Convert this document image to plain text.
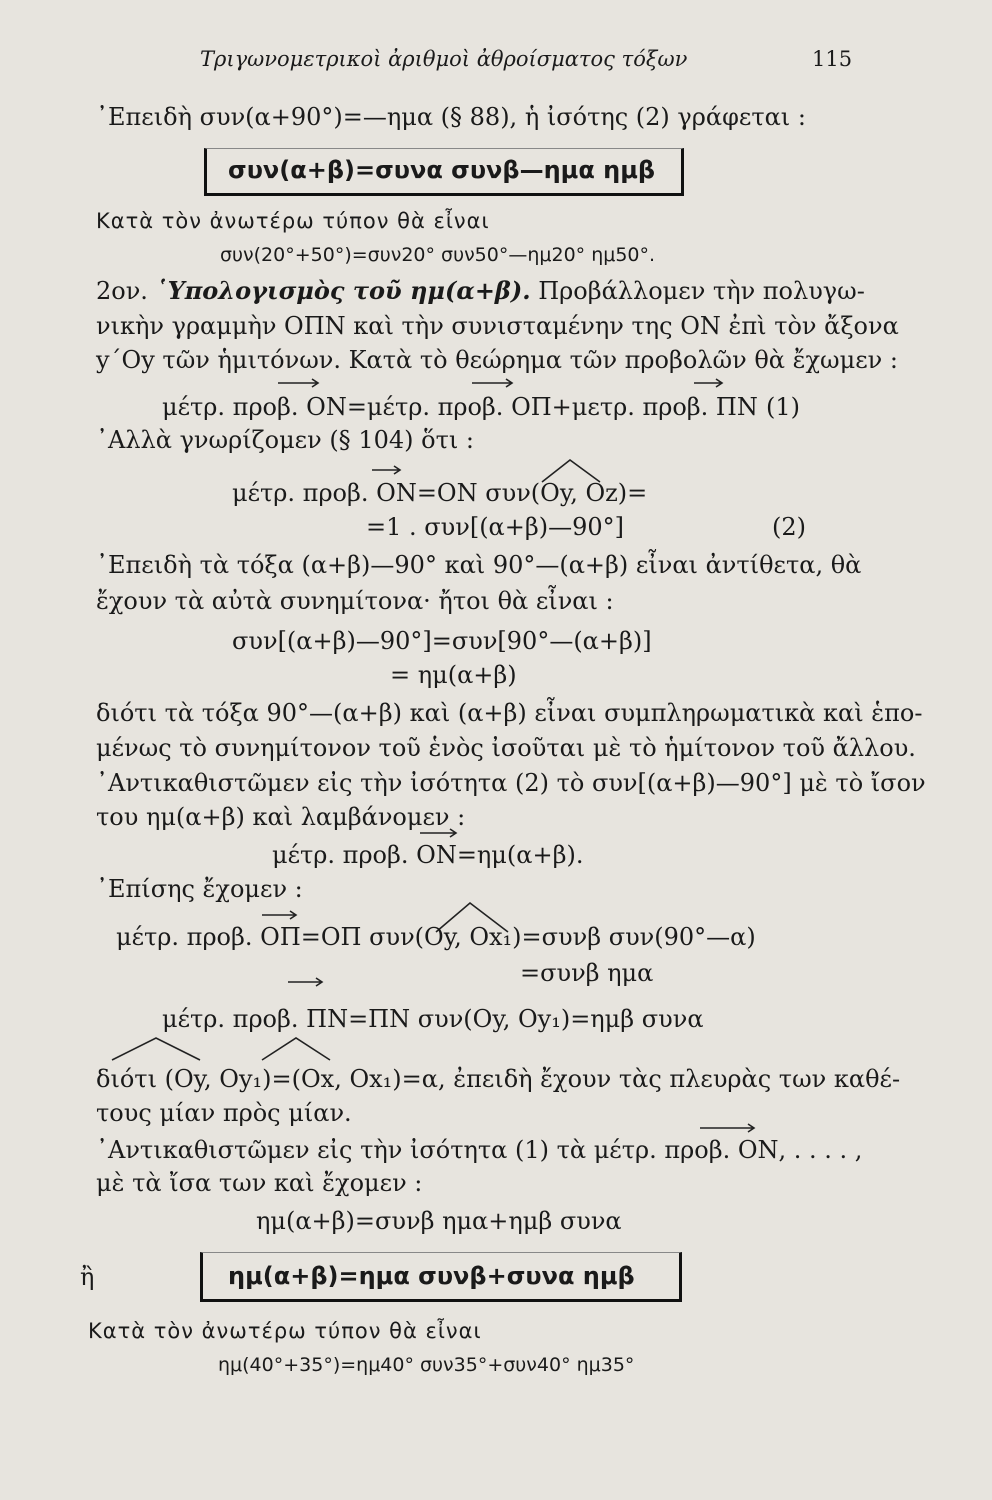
Τριγωνομετρικοὶ ἀριθμοὶ ἀθροίσματος τόξων	115
᾿Επειδὴ συν(α+90°)=—ημα (§ 88), ἡ ἰσότης (2) γράφεται :
συν(α+β)=συνα συνβ—ημα ημβ
Κατὰ τὸν ἀνωτέρω τύπον θὰ εἶναι
συν(20°+50°)=συν20° συν50°—ημ20° ημ50°.
2ον. ῾Υπολογισμὸς τοῦ ημ(α+β). Προβάλλομεν τὴν πολυγω-
νικὴν γραμμὴν ΟΠΝ καὶ τὴν συνισταμένην της ΟΝ ἐπὶ τὸν ἄξονα
y΄Oy τῶν ἡμιτόνων. Κατὰ τὸ θεώρημα τῶν προβολῶν θὰ ἔχωμεν :
μέτρ. προβ. ΟΝ=μέτρ. προβ. ΟΠ+μετρ. προβ. ΠΝ (1)
᾿Αλλὰ γνωρίζομεν (§ 104) ὅτι :
μέτρ. προβ. ΟΝ=ΟΝ συν(Oy, Oz)=
=1 . συν[(α+β)—90°]	(2)
᾿Επειδὴ τὰ τόξα (α+β)—90° καὶ 90°—(α+β) εἶναι ἀντίθετα, θὰ
ἔχουν τὰ αὐτὰ συνημίτονα· ἤτοι θὰ εἶναι :
συν[(α+β)—90°]=συν[90°—(α+β)]
= ημ(α+β)
διότι τὰ τόξα 90°—(α+β) καὶ (α+β) εἶναι συμπληρωματικὰ καὶ ἑπο-
μένως τὸ συνημίτονον τοῦ ἑνὸς ἰσοῦται μὲ τὸ ἡμίτονον τοῦ ἄλλου.
᾿Αντικαθιστῶμεν εἰς τὴν ἰσότητα (2) τὸ συν[(α+β)—90°] μὲ τὸ ἴσον
του ημ(α+β) καὶ λαμβάνομεν :
μέτρ. προβ. ΟΝ=ημ(α+β).
᾿Επίσης ἔχομεν :
μέτρ. προβ. ΟΠ=ΟΠ συν(Oy, Ox₁)=συνβ συν(90°—α)
=συνβ ημα
μέτρ. προβ. ΠΝ=ΠΝ συν(Oy, Oy₁)=ημβ συνα
διότι (Oy, Oy₁)=(Ox, Ox₁)=α, ἐπειδὴ ἔχουν τὰς πλευρὰς των καθέ-
τους μίαν πρὸς μίαν.
᾿Αντικαθιστῶμεν εἰς τὴν ἰσότητα (1) τὰ μέτρ. προβ. ΟΝ, . . . . ,
μὲ τὰ ἴσα των καὶ ἔχομεν :
ημ(α+β)=συνβ ημα+ημβ συνα
ἢ	ημ(α+β)=ημα συνβ+συνα ημβ
Κατὰ τὸν ἀνωτέρω τύπον θὰ εἶναι
ημ(40°+35°)=ημ40° συν35°+συν40° ημ35°
